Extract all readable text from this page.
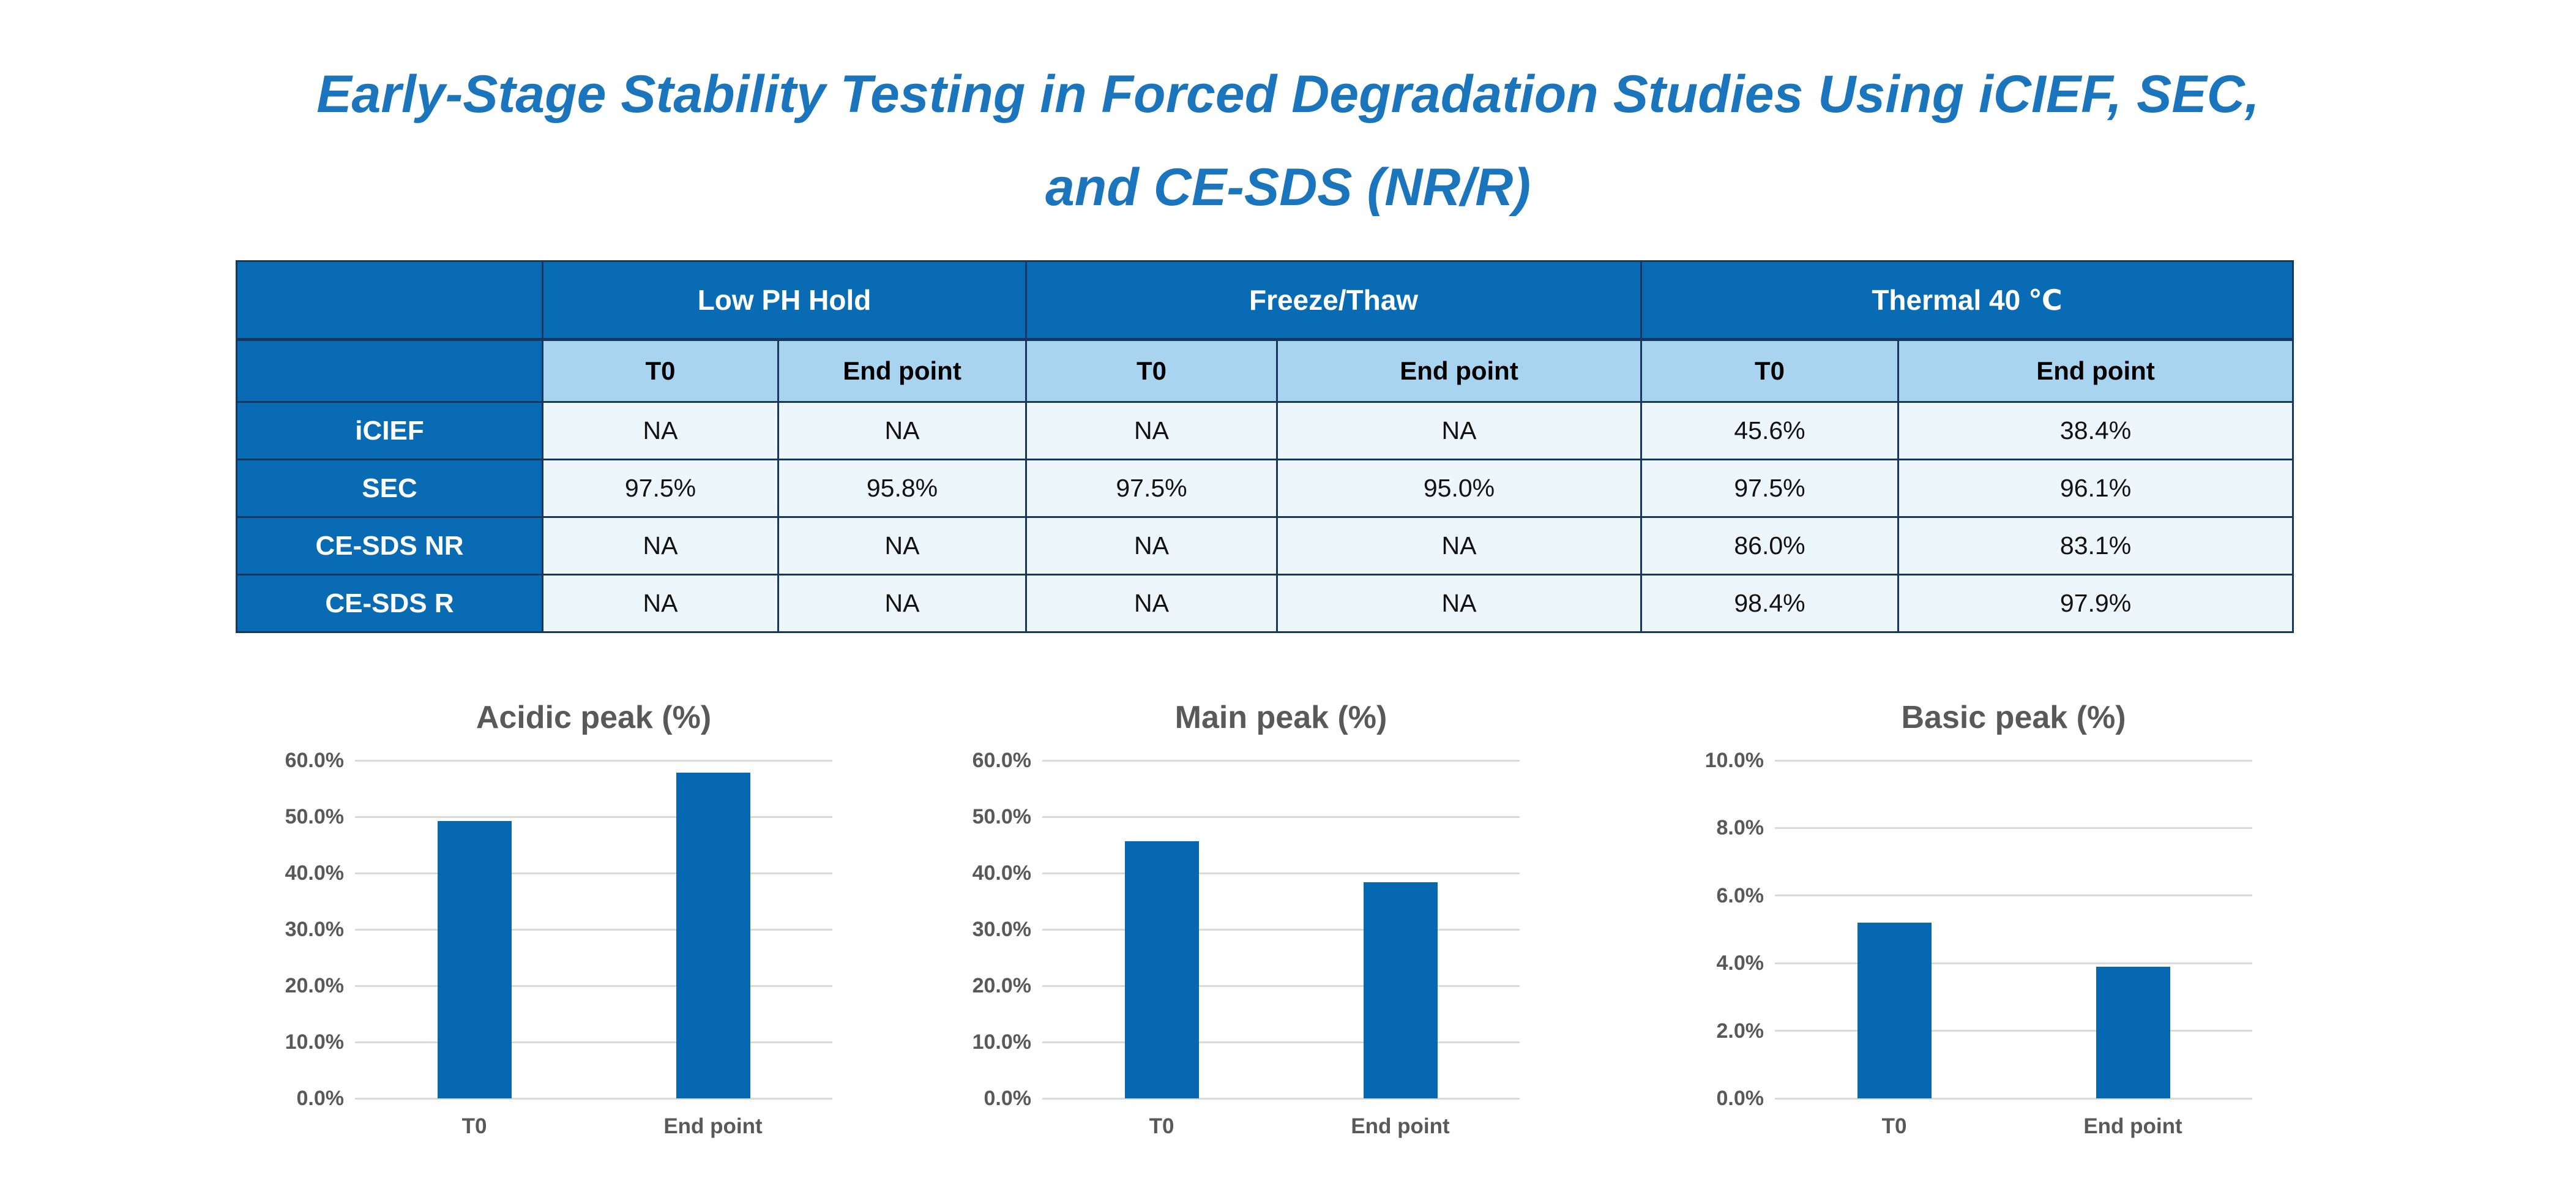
Early-Stage Stability Testing in Forced Degradation Studies Using iCIEF, SEC,
and CE-SDS (NR/R)
	Low PH Hold		Freeze/Thaw		Thermal 40 ℃	
	T0	End point	T0	End point	T0	End point
iCIEF	NA	NA	NA	NA	45.6%	38.4%
SEC	97.5%	95.8%	97.5%	95.0%	97.5%	96.1%
CE-SDS NR	NA	NA	NA	NA	86.0%	83.1%
CE-SDS R	NA	NA	NA	NA	98.4%	97.9%
Acidic peak (%)
0.0%
10.0%
20.0%
30.0%
40.0%
50.0%
60.0%
T0	End point
Main peak (%)
0.0%
10.0%
20.0%
30.0%
40.0%
50.0%
60.0%
T0	End point
Basic peak (%)
0.0%
2.0%
4.0%
6.0%
8.0%
10.0%
T0	End point
